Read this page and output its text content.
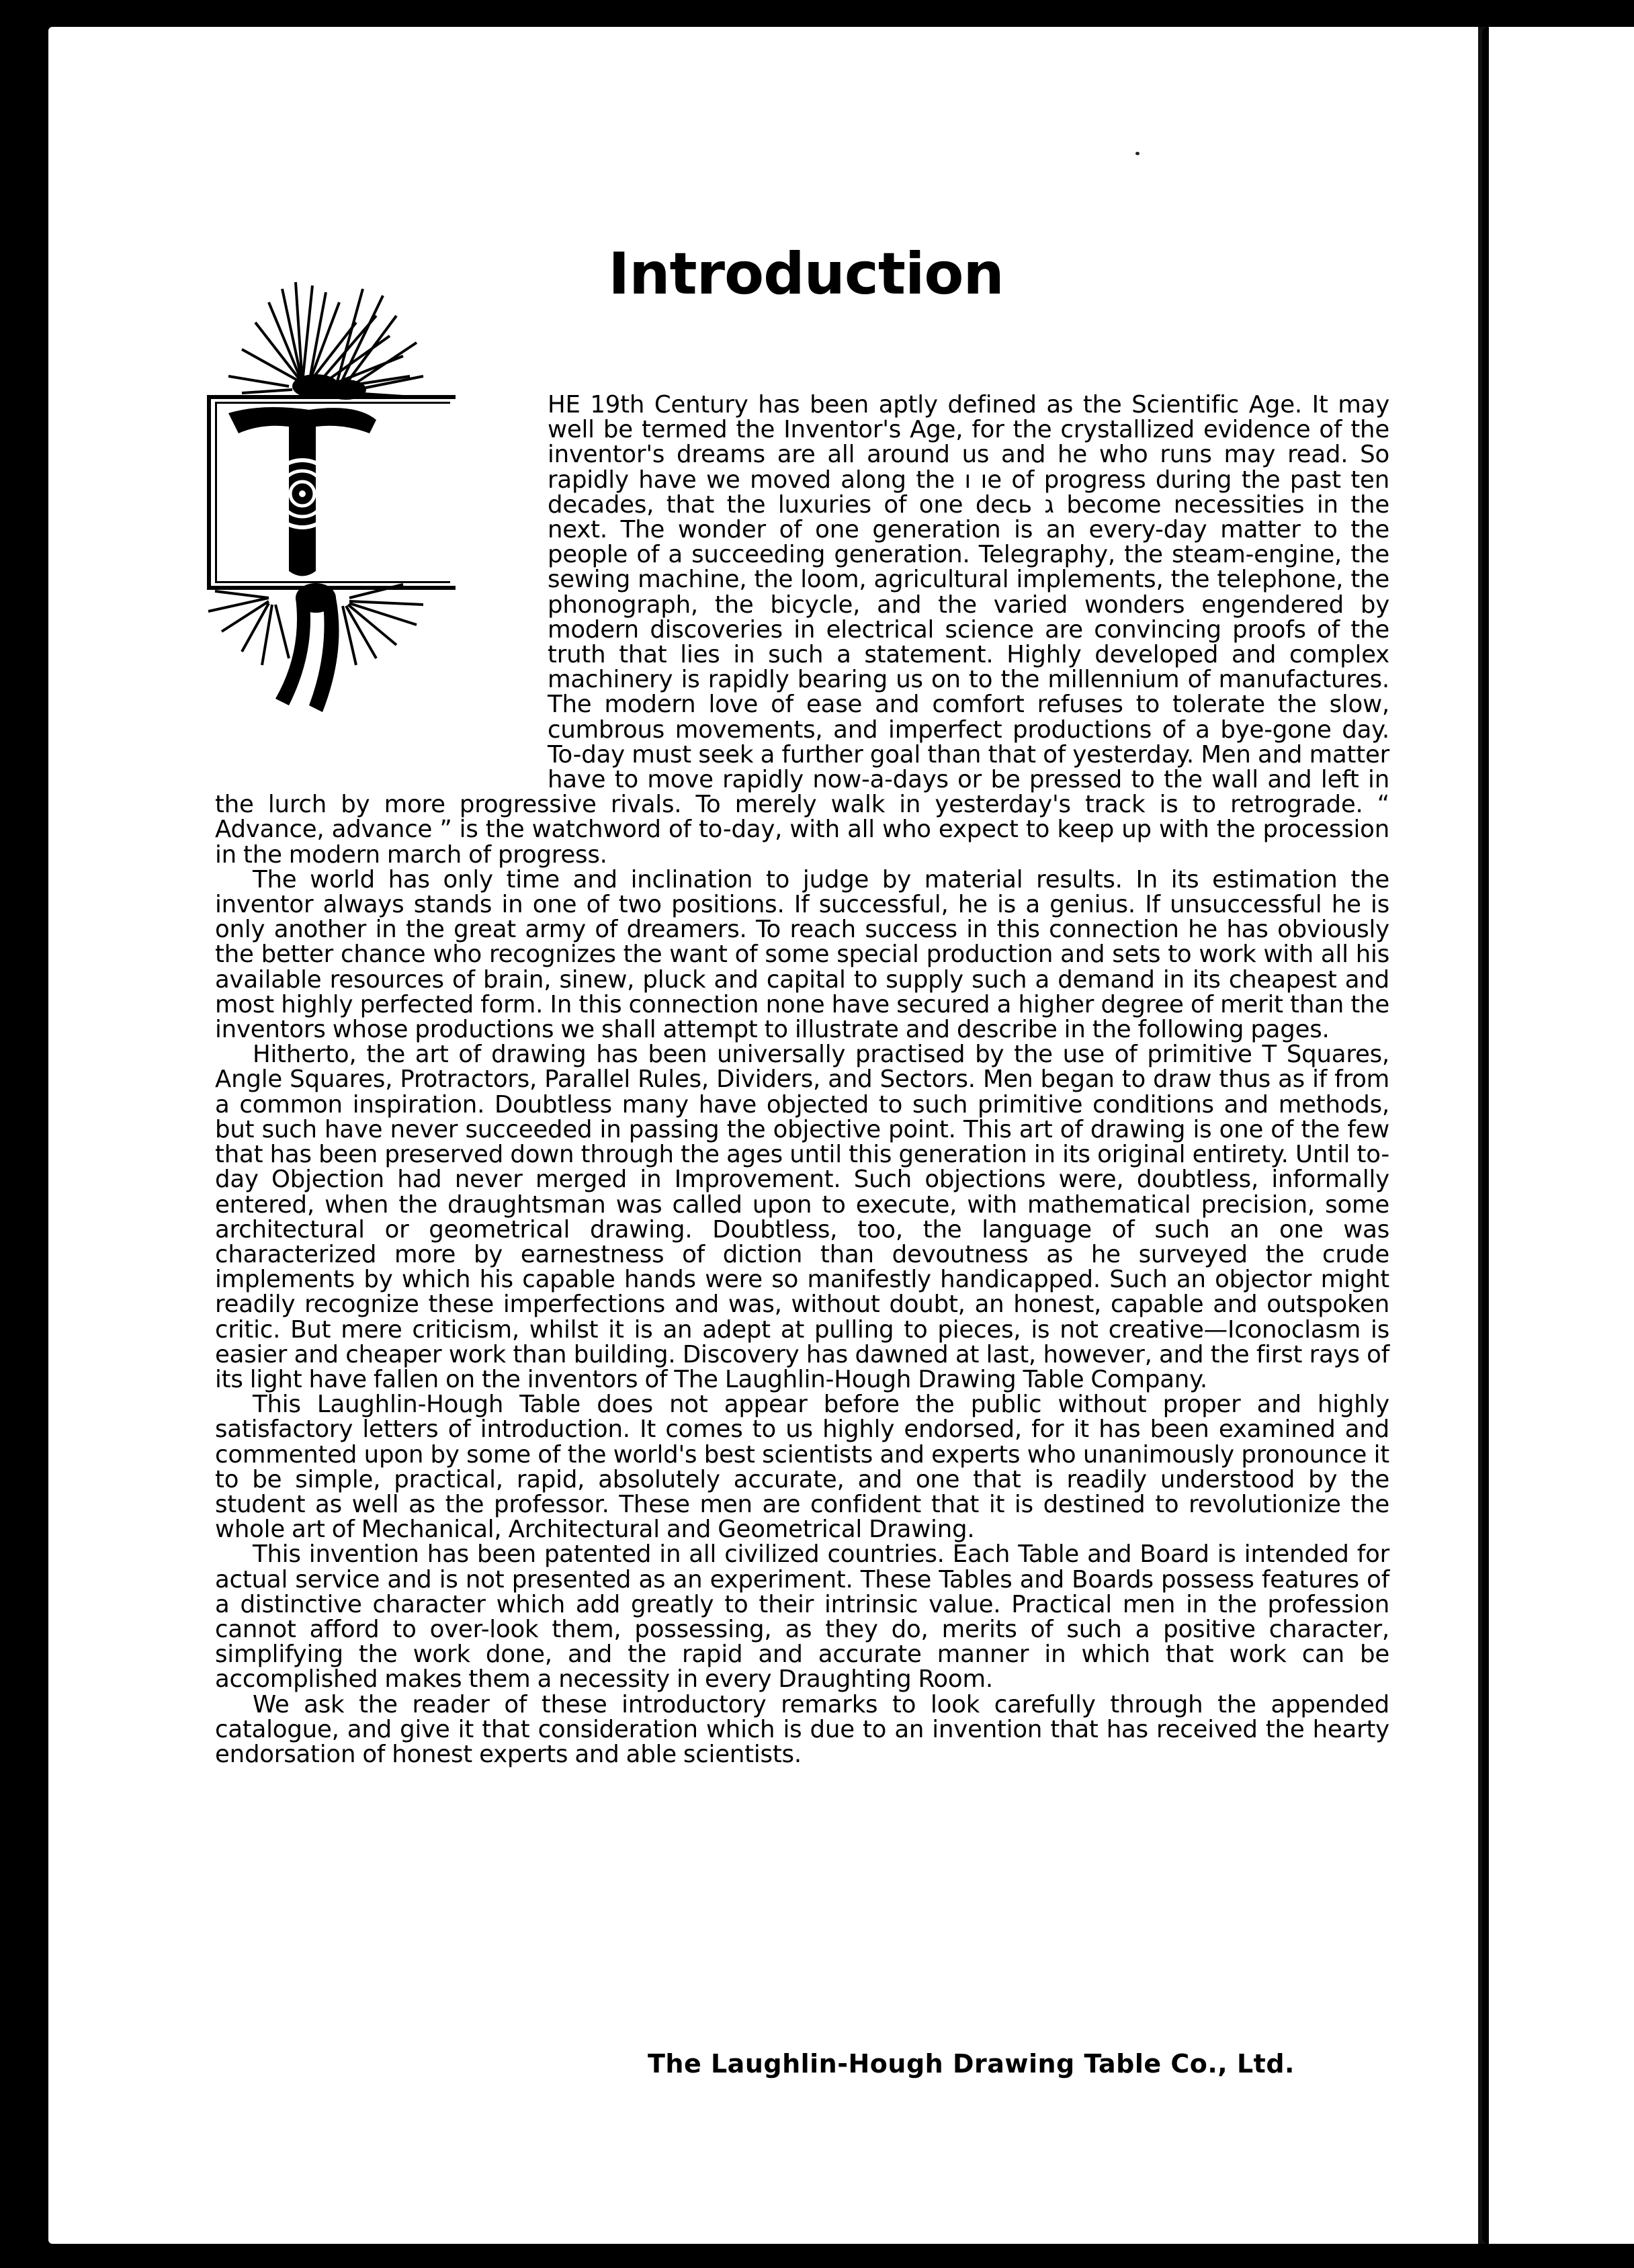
Introduction

HE 19th Century has been aptly defined as the Scientific Age. It may well be termed the Inventor's Age, for the crystallized evidence of the inventor's dreams are all around us and he who runs may read. So rapidly have we moved along the ı ıe of progress during the past ten decades, that the luxuries of one decь ג become necessities in the next. The wonder of one generation is an every-day matter to the people of a succeeding generation. Telegraphy, the steam-engine, the sewing machine, the loom, agricultural implements, the telephone, the phonograph, the bicycle, and the varied wonders engendered by modern discoveries in electrical science are convincing proofs of the truth that lies in such a statement. Highly developed and complex machinery is rapidly bearing us on to the millennium of manufactures. The modern love of ease and comfort refuses to tolerate the slow, cumbrous movements, and imperfect productions of a bye-gone day. To-day must seek a further goal than that of yesterday. Men and matter have to move rapidly now-a-days or be pressed to the wall and left in the lurch by more progressive rivals. To merely walk in yesterday's track is to retrograde. “ Advance, advance ” is the watchword of to-day, with all who expect to keep up with the procession in the modern march of progress.

The world has only time and inclination to judge by material results. In its estimation the inventor always stands in one of two positions. If successful, he is a genius. If unsuccessful he is only another in the great army of dreamers. To reach success in this connection he has obviously the better chance who recognizes the want of some special production and sets to work with all his available resources of brain, sinew, pluck and capital to supply such a demand in its cheapest and most highly perfected form. In this connection none have secured a higher degree of merit than the inventors whose productions we shall attempt to illustrate and describe in the following pages.

Hitherto, the art of drawing has been universally practised by the use of primitive T Squares, Angle Squares, Protractors, Parallel Rules, Dividers, and Sectors. Men began to draw thus as if from a common inspiration. Doubtless many have objected to such primitive conditions and methods, but such have never succeeded in passing the objective point. This art of drawing is one of the few that has been preserved down through the ages until this generation in its original entirety. Until to-day Objection had never merged in Improvement. Such objections were, doubtless, informally entered, when the draughtsman was called upon to execute, with mathematical precision, some architectural or geometrical drawing. Doubtless, too, the language of such an one was characterized more by earnestness of diction than devoutness as he surveyed the crude implements by which his capable hands were so manifestly handicapped. Such an objector might readily recognize these imperfections and was, without doubt, an honest, capable and outspoken critic. But mere criticism, whilst it is an adept at pulling to pieces, is not creative—Iconoclasm is easier and cheaper work than building. Discovery has dawned at last, however, and the first rays of its light have fallen on the inventors of The Laughlin-Hough Drawing Table Company.

This Laughlin-Hough Table does not appear before the public without proper and highly satisfactory letters of introduction. It comes to us highly endorsed, for it has been examined and commented upon by some of the world's best scientists and experts who unanimously pronounce it to be simple, practical, rapid, absolutely accurate, and one that is readily understood by the student as well as the professor. These men are confident that it is destined to revolutionize the whole art of Mechanical, Architectural and Geometrical Drawing.

This invention has been patented in all civilized countries. Each Table and Board is intended for actual service and is not presented as an experiment. These Tables and Boards possess features of a distinctive character which add greatly to their intrinsic value. Practical men in the profession cannot afford to over-look them, possessing, as they do, merits of such a positive character, simplifying the work done, and the rapid and accurate manner in which that work can be accomplished makes them a necessity in every Draughting Room.

We ask the reader of these introductory remarks to look carefully through the appended catalogue, and give it that consideration which is due to an invention that has received the hearty endorsation of honest experts and able scientists.

The Laughlin-Hough Drawing Table Co., Ltd.
